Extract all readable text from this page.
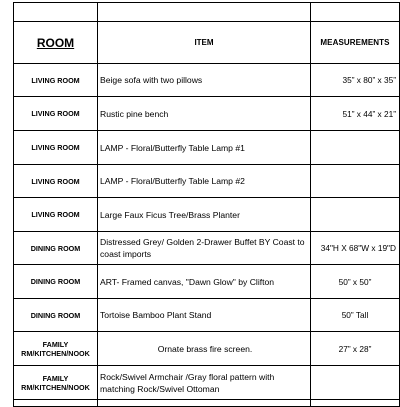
ROOM	ITEM	MEASUREMENTS
LIVING ROOM	Beige sofa with two pillows	35” x 80” x 35”
LIVING ROOM	Rustic pine bench	51” x 44” x 21”
LIVING ROOM	LAMP - Floral/Butterfly Table Lamp #1	
LIVING ROOM	LAMP - Floral/Butterfly Table Lamp #2	
LIVING ROOM	Large Faux Ficus Tree/Brass Planter	
DINING ROOM	Distressed Grey/ Golden 2-Drawer Buffet BY Coast to coast imports	34"H X 68"W x 19"D
DINING ROOM	ART- Framed canvas, "Dawn Glow" by Clifton	50” x 50”
DINING ROOM	Tortoise Bamboo Plant Stand	50” Tall
FAMILY RM/KITCHEN/NOOK	Ornate brass fire screen.	27” x 28”
FAMILY RM/KITCHEN/NOOK	Rock/Swivel Armchair /Gray floral pattern with matching Rock/Swivel Ottoman	
